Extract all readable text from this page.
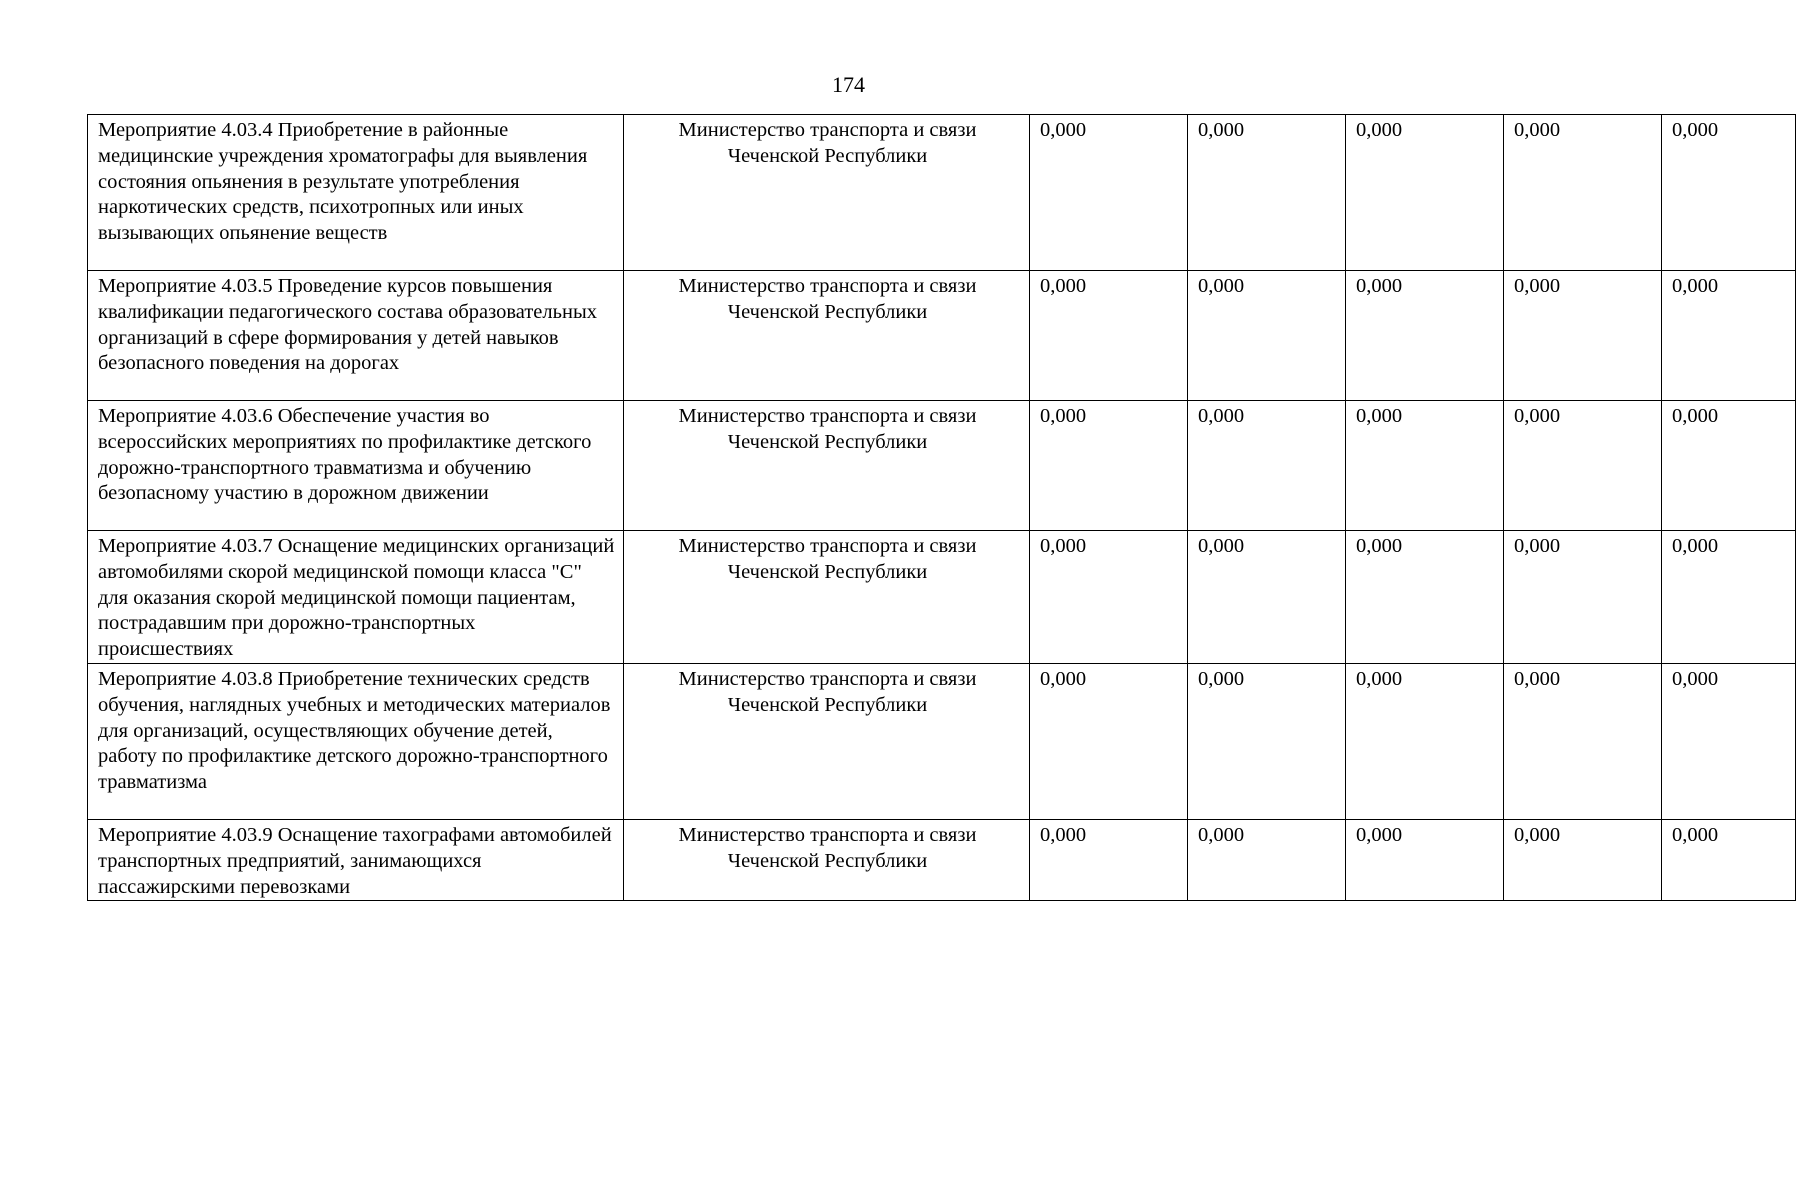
174
Мероприятие 4.03.4 Приобретение в районные медицинские учреждения хроматографы для выявления состояния опьянения в результате употребления наркотических средств, психотропных или иных вызывающих опьянение веществ	Министерство транспорта и связи Чеченской Республики	0,000	0,000	0,000	0,000	0,000
Мероприятие 4.03.5 Проведение курсов повышения квалификации педагогического состава образовательных организаций в сфере формирования у детей навыков безопасного поведения на дорогах	Министерство транспорта и связи Чеченской Республики	0,000	0,000	0,000	0,000	0,000
Мероприятие 4.03.6 Обеспечение участия во всероссийских мероприятиях по профилактике детского дорожно-транспортного травматизма и обучению безопасному участию в дорожном движении	Министерство транспорта и связи Чеченской Республики	0,000	0,000	0,000	0,000	0,000
Мероприятие 4.03.7 Оснащение медицинских организаций автомобилями скорой медицинской помощи класса "С" для оказания скорой медицинской помощи пациентам, пострадавшим при дорожно-транспортных происшествиях	Министерство транспорта и связи Чеченской Республики	0,000	0,000	0,000	0,000	0,000
Мероприятие 4.03.8 Приобретение технических средств обучения, наглядных учебных и методических материалов для организаций, осуществляющих обучение детей, работу по профилактике детского дорожно-транспортного травматизма	Министерство транспорта и связи Чеченской Республики	0,000	0,000	0,000	0,000	0,000
Мероприятие 4.03.9 Оснащение тахографами автомобилей транспортных предприятий, занимающихся пассажирскими перевозками	Министерство транспорта и связи Чеченской Республики	0,000	0,000	0,000	0,000	0,000
